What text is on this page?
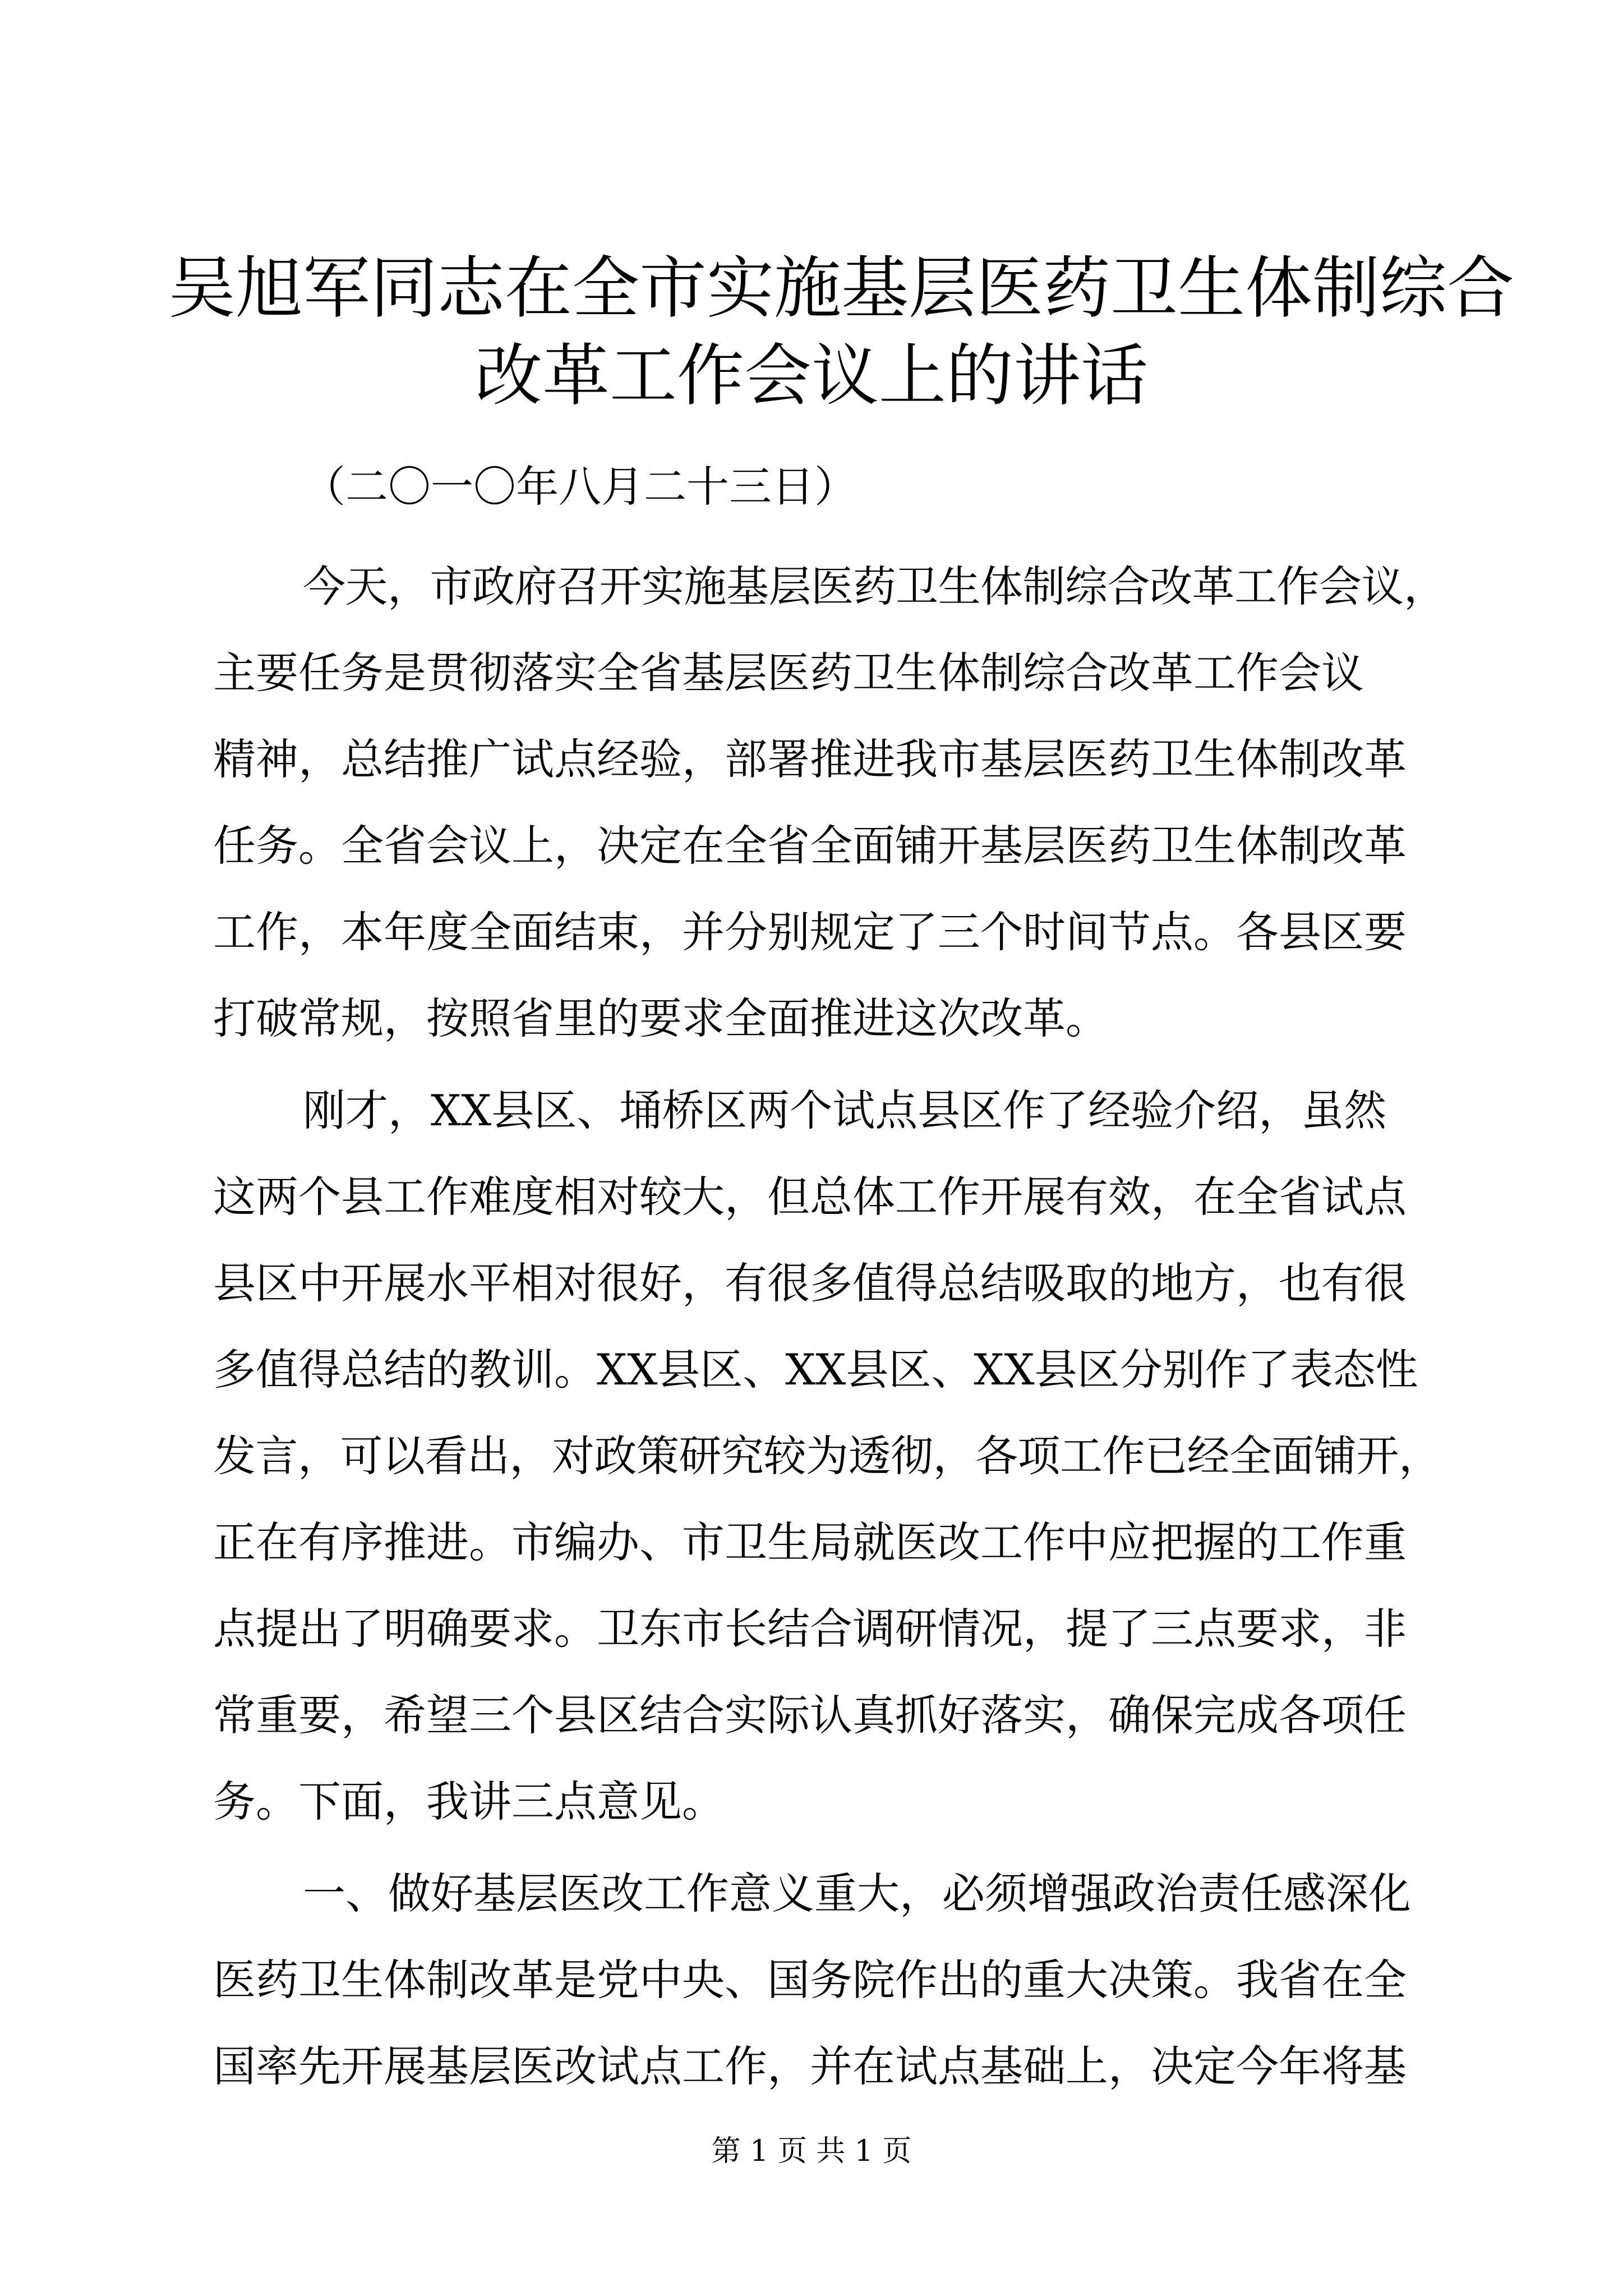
吴旭军同志在全市实施基层医药卫生体制综合
改革工作会议上的讲话

（二〇一〇年八月二十三日）

今天，市政府召开实施基层医药卫生体制综合改革工作会议，

主要任务是贯彻落实全省基层医药卫生体制综合改革工作会议

精神，总结推广试点经验，部署推进我市基层医药卫生体制改革

任务。全省会议上，决定在全省全面铺开基层医药卫生体制改革

工作，本年度全面结束，并分别规定了三个时间节点。各县区要

打破常规，按照省里的要求全面推进这次改革。

刚才，XX县区、埇桥区两个试点县区作了经验介绍，虽然

这两个县工作难度相对较大，但总体工作开展有效，在全省试点

县区中开展水平相对很好，有很多值得总结吸取的地方，也有很

多值得总结的教训。XX县区、XX县区、XX县区分别作了表态性

发言，可以看出，对政策研究较为透彻，各项工作已经全面铺开，

正在有序推进。市编办、市卫生局就医改工作中应把握的工作重

点提出了明确要求。卫东市长结合调研情况，提了三点要求，非

常重要，希望三个县区结合实际认真抓好落实，确保完成各项任

务。下面，我讲三点意见。

一、做好基层医改工作意义重大，必须增强政治责任感深化

医药卫生体制改革是党中央、国务院作出的重大决策。我省在全

国率先开展基层医改试点工作，并在试点基础上，决定今年将基

第 1 页 共 1 页
